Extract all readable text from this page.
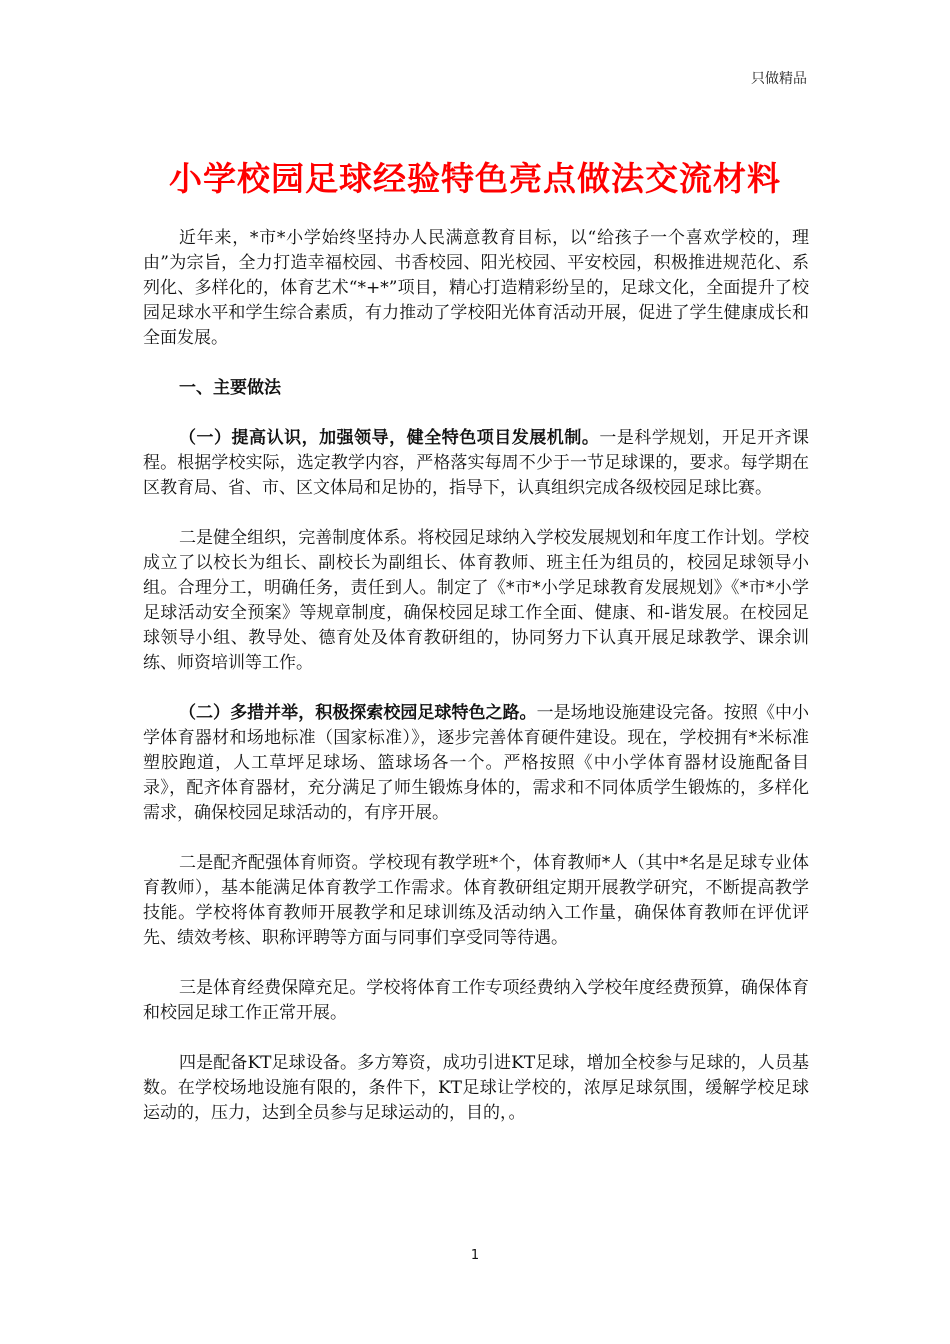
只做精品
小学校园足球经验特色亮点做法交流材料

近年来，*市*小学始终坚持办人民满意教育目标，以“给孩子一个喜欢学校的，理由”为宗旨，全力打造幸福校园、书香校园、阳光校园、平安校园，积极推进规范化、系列化、多样化的，体育艺术“*+*”项目，精心打造精彩纷呈的，足球文化，全面提升了校园足球水平和学生综合素质，有力推动了学校阳光体育活动开展，促进了学生健康成长和全面发展。

一、主要做法

（一）提高认识，加强领导，健全特色项目发展机制。一是科学规划，开足开齐课程。根据学校实际，选定教学内容，严格落实每周不少于一节足球课的，要求。每学期在区教育局、省、市、区文体局和足协的，指导下，认真组织完成各级校园足球比赛。

二是健全组织，完善制度体系。将校园足球纳入学校发展规划和年度工作计划。学校成立了以校长为组长、副校长为副组长、体育教师、班主任为组员的，校园足球领导小组。合理分工，明确任务，责任到人。制定了《*市*小学足球教育发展规划》《*市*小学足球活动安全预案》等规章制度，确保校园足球工作全面、健康、和-谐发展。在校园足球领导小组、教导处、德育处及体育教研组的，协同努力下认真开展足球教学、课余训练、师资培训等工作。

（二）多措并举，积极探索校园足球特色之路。一是场地设施建设完备。按照《中小学体育器材和场地标准（国家标准）》，逐步完善体育硬件建设。现在，学校拥有*米标准塑胶跑道，人工草坪足球场、篮球场各一个。严格按照《中小学体育器材设施配备目录》，配齐体育器材，充分满足了师生锻炼身体的，需求和不同体质学生锻炼的，多样化需求，确保校园足球活动的，有序开展。

二是配齐配强体育师资。学校现有教学班*个，体育教师*人（其中*名是足球专业体育教师），基本能满足体育教学工作需求。体育教研组定期开展教学研究，不断提高教学技能。学校将体育教师开展教学和足球训练及活动纳入工作量，确保体育教师在评优评先、绩效考核、职称评聘等方面与同事们享受同等待遇。

三是体育经费保障充足。学校将体育工作专项经费纳入学校年度经费预算，确保体育和校园足球工作正常开展。

四是配备KT足球设备。多方筹资，成功引进KT足球，增加全校参与足球的，人员基数。在学校场地设施有限的，条件下，KT足球让学校的，浓厚足球氛围，缓解学校足球运动的，压力，达到全员参与足球运动的，目的，。

1
